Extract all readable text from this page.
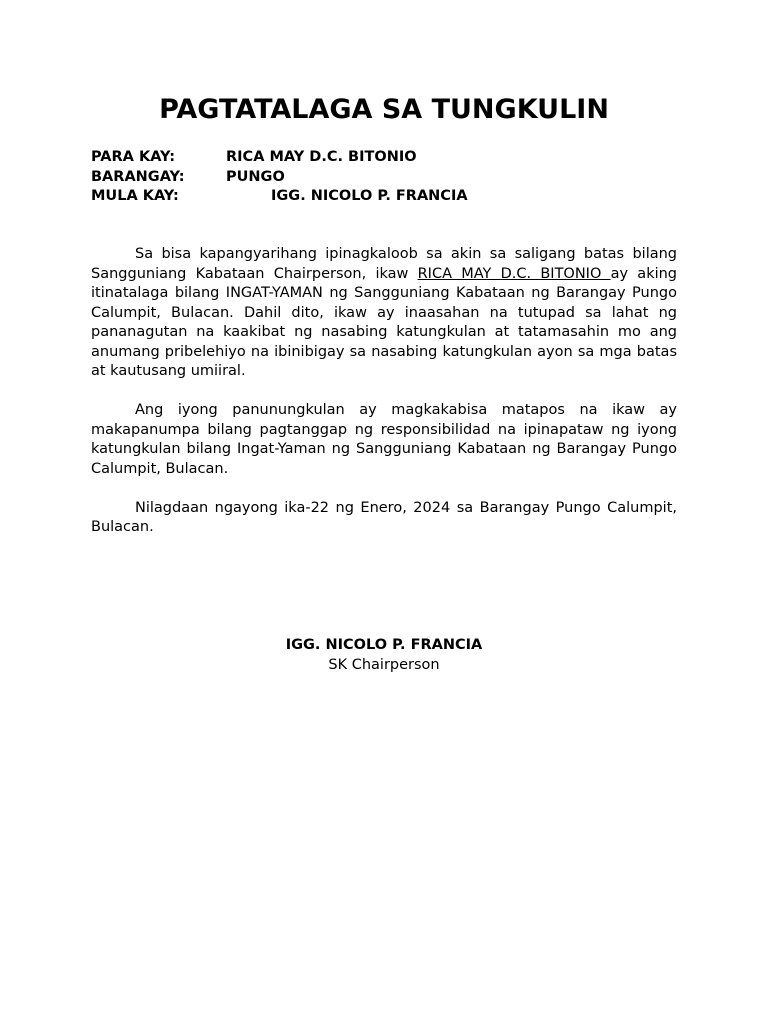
PAGTATALAGA SA TUNGKULIN
PARA KAY:	RICA MAY D.C. BITONIO
BARANGAY:	PUNGO
MULA KAY:	IGG. NICOLO P. FRANCIA

Sa bisa kapangyarihang ipinagkaloob sa akin sa saligang batas bilang Sangguniang Kabataan Chairperson, ikaw RICA MAY D.C. BITONIO ay aking itinatalaga bilang INGAT-YAMAN ng Sangguniang Kabataan ng Barangay Pungo Calumpit, Bulacan. Dahil dito, ikaw ay inaasahan na tutupad sa lahat ng pananagutan na kaakibat ng nasabing katungkulan at tatamasahin mo ang anumang pribelehiyo na ibinibigay sa nasabing katungkulan ayon sa mga batas at kautusang umiiral.

Ang iyong panunungkulan ay magkakabisa matapos na ikaw ay makapanumpa bilang pagtanggap ng responsibilidad na ipinapataw ng iyong katungkulan bilang Ingat-Yaman ng Sangguniang Kabataan ng Barangay Pungo Calumpit, Bulacan.

Nilagdaan ngayong ika-22 ng Enero, 2024 sa Barangay Pungo Calumpit, Bulacan.

IGG. NICOLO P. FRANCIA
SK Chairperson
